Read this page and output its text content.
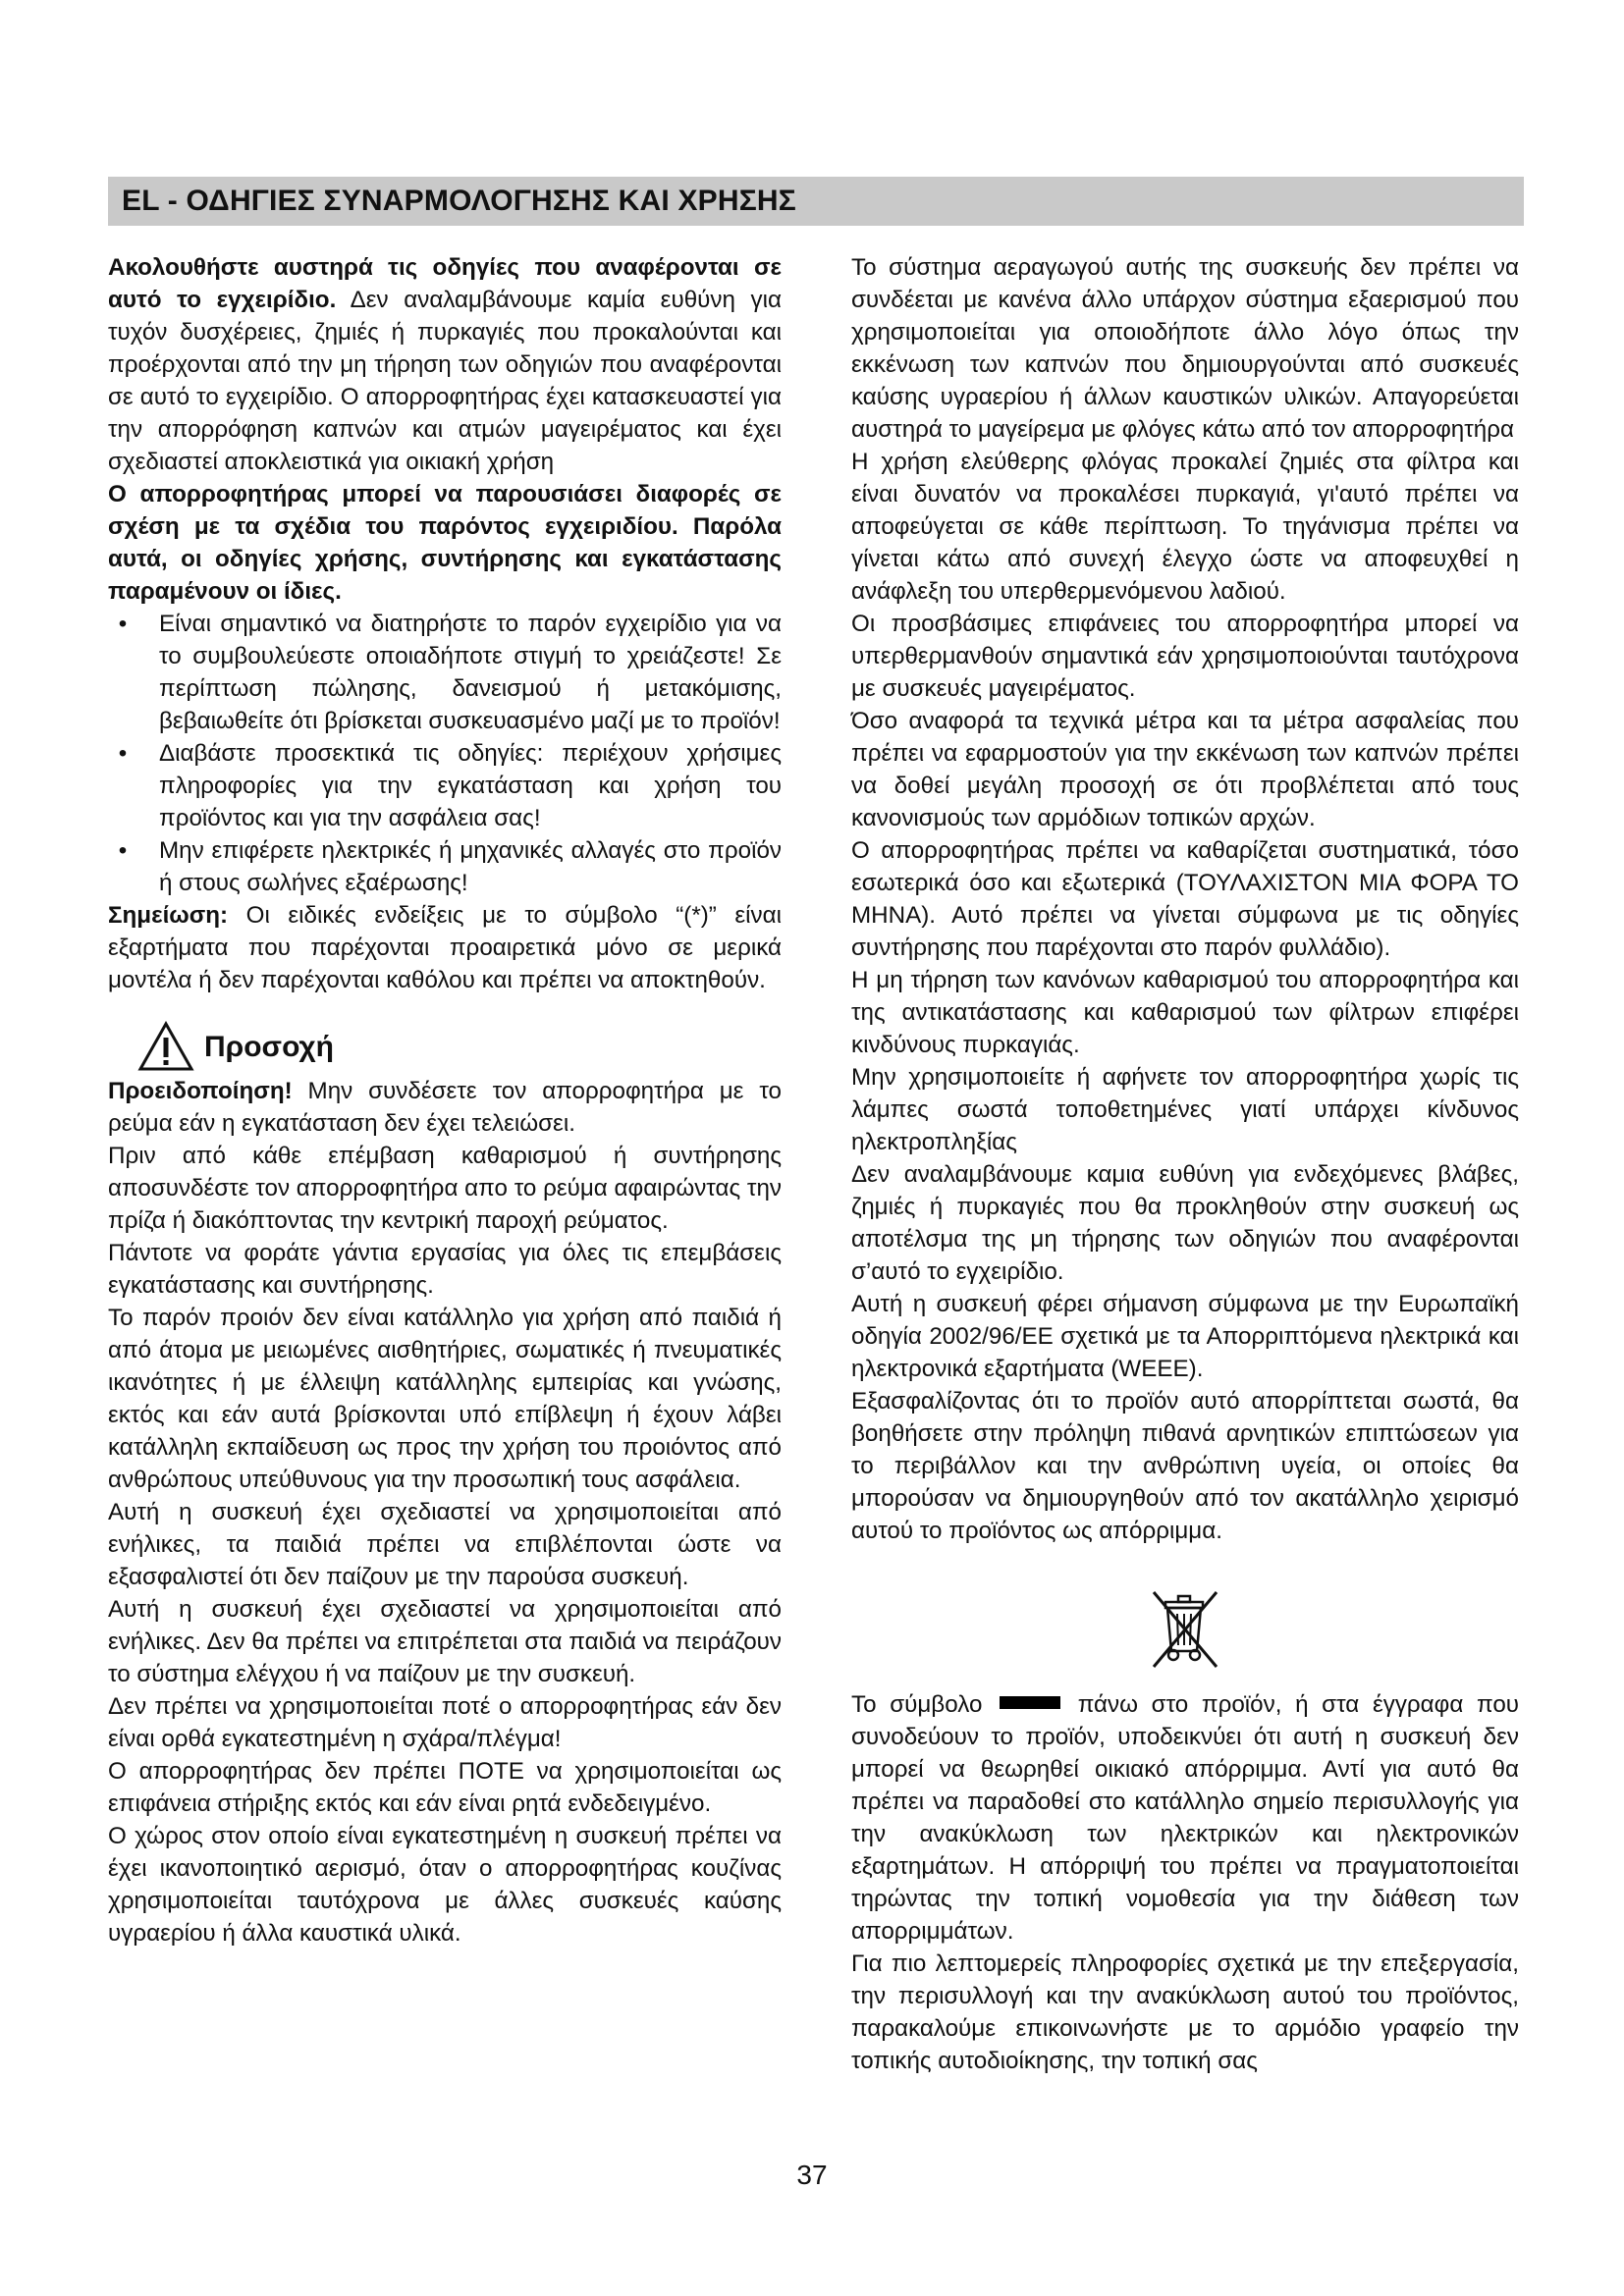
EL - ΟΔΗΓΙΕΣ ΣΥΝΑΡΜΟΛΟΓΗΣΗΣ ΚΑΙ ΧΡΗΣΗΣ

Ακολουθήστε αυστηρά τις οδηγίες που αναφέρονται σε αυτό το εγχειρίδιο. Δεν αναλαμβάνουμε καμία ευθύνη για τυχόν δυσχέρειες, ζημιές ή πυρκαγιές που προκαλούνται και προέρχονται από την μη τήρηση των οδηγιών που αναφέρονται σε αυτό το εγχειρίδιο. Ο απορροφητήρας έχει κατασκευαστεί για την απορρόφηση καπνών και ατμών μαγειρέματος και έχει σχεδιαστεί αποκλειστικά για οικιακή χρήση

Ο απορροφητήρας μπορεί να παρουσιάσει διαφορές σε σχέση με τα σχέδια του παρόντος εγχειριδίου. Παρόλα αυτά, οι οδηγίες χρήσης, συντήρησης και εγκατάστασης παραμένουν οι ίδιες.

•	Είναι σημαντικό να διατηρήστε το παρόν εγχειρίδιο για να το συμβουλεύεστε οποιαδήποτε στιγμή το χρειάζεστε! Σε περίπτωση πώλησης, δανεισμού ή μετακόμισης, βεβαιωθείτε ότι βρίσκεται συσκευασμένο μαζί με το προϊόν!
•	Διαβάστε προσεκτικά τις οδηγίες: περιέχουν χρήσιμες πληροφορίες για την εγκατάσταση και χρήση του προϊόντος και για την ασφάλεια σας!
•	Μην επιφέρετε ηλεκτρικές ή μηχανικές αλλαγές στο προϊόν ή στους σωλήνες εξαέρωσης!

Σημείωση: Οι ειδικές ενδείξεις με το σύμβολο “(*)” είναι εξαρτήματα που παρέχονται προαιρετικά μόνο σε μερικά μοντέλα ή δεν παρέχονται καθόλου και πρέπει να αποκτηθούν.

Προσοχή

Προειδοποίηση! Μην συνδέσετε τον απορροφητήρα με το ρεύμα εάν η εγκατάσταση δεν έχει τελειώσει.

Πριν από κάθε επέμβαση καθαρισμού ή συντήρησης αποσυνδέστε τον απορροφητήρα απο το ρεύμα αφαιρώντας την πρίζα ή διακόπτοντας την κεντρική παροχή ρεύματος.

Πάντοτε να φοράτε γάντια εργασίας για όλες τις επεμβάσεις εγκατάστασης και συντήρησης.

Το παρόν προιόν δεν είναι κατάλληλο για χρήση από παιδιά ή από άτομα με μειωμένες αισθητήριες, σωματικές ή πνευματικές ικανότητες ή με έλλειψη κατάλληλης εμπειρίας και γνώσης, εκτός και εάν αυτά βρίσκονται υπό επίβλεψη ή έχουν λάβει κατάλληλη εκπαίδευση ως προς την χρήση του προιόντος από ανθρώπους υπεύθυνους για την προσωπική τους ασφάλεια.

Αυτή η συσκευή έχει σχεδιαστεί να χρησιμοποιείται από ενήλικες, τα παιδιά πρέπει να επιβλέπονται ώστε να εξασφαλιστεί ότι δεν παίζουν με την παρούσα συσκευή.

Αυτή η συσκευή έχει σχεδιαστεί να χρησιμοποιείται από ενήλικες. Δεν θα πρέπει να επιτρέπεται στα παιδιά να πειράζουν το σύστημα ελέγχου ή να παίζουν με την συσκευή.

Δεν πρέπει να χρησιμοποιείται ποτέ ο απορροφητήρας εάν δεν είναι ορθά εγκατεστημένη η σχάρα/πλέγμα!

Ο απορροφητήρας δεν πρέπει ΠΟΤΕ να χρησιμοποιείται ως επιφάνεια στήριξης εκτός και εάν είναι ρητά ενδεδειγμένο.

Ο χώρος στον οποίο είναι εγκατεστημένη η συσκευή πρέπει να έχει ικανοποιητικό αερισμό, όταν ο απορροφητήρας κουζίνας χρησιμοποιείται ταυτόχρονα με άλλες συσκευές καύσης υγραερίου ή άλλα καυστικά υλικά.

Το σύστημα αεραγωγού αυτής της συσκευής δεν πρέπει να συνδέεται με κανένα άλλο υπάρχον σύστημα εξαερισμού που χρησιμοποιείται για οποιοδήποτε άλλο λόγο όπως την εκκένωση των καπνών που δημιουργούνται από συσκευές καύσης υγραερίου ή άλλων καυστικών υλικών. Απαγορεύεται αυστηρά το μαγείρεμα με φλόγες κάτω από τον απορροφητήρα

Η χρήση ελεύθερης φλόγας προκαλεί ζημιές στα φίλτρα και είναι δυνατόν να προκαλέσει πυρκαγιά, γι'αυτό πρέπει να αποφεύγεται σε κάθε περίπτωση. Το τηγάνισμα πρέπει να γίνεται κάτω από συνεχή έλεγχο ώστε να αποφευχθεί η ανάφλεξη του υπερθερμενόμενου λαδιού.

Οι προσβάσιμες επιφάνειες του απορροφητήρα μπορεί να υπερθερμανθούν σημαντικά εάν χρησιμοποιούνται ταυτόχρονα με συσκευές μαγειρέματος.

Όσο αναφορά τα τεχνικά μέτρα και τα μέτρα ασφαλείας που πρέπει να εφαρμοστούν για την εκκένωση των καπνών πρέπει να δοθεί μεγάλη προσοχή σε ότι προβλέπεται από τους κανονισμούς των αρμόδιων τοπικών αρχών.

Ο απορροφητήρας πρέπει να καθαρίζεται συστηματικά, τόσο εσωτερικά όσο και εξωτερικά (ΤΟΥΛΑΧΙΣΤΟΝ ΜΙΑ ΦΟΡΑ ΤΟ ΜΗΝΑ). Αυτό πρέπει να γίνεται σύμφωνα με τις οδηγίες συντήρησης που παρέχονται στο παρόν φυλλάδιο).

Η μη τήρηση των κανόνων καθαρισμού του απορροφητήρα και της αντικατάστασης και καθαρισμού των φίλτρων επιφέρει κινδύνους πυρκαγιάς.

Μην χρησιμοποιείτε ή αφήνετε τον απορροφητήρα χωρίς τις λάμπες σωστά τοποθετημένες γιατί υπάρχει κίνδυνος ηλεκτροπληξίας

Δεν αναλαμβάνουμε καμια ευθύνη για ενδεχόμενες βλάβες, ζημιές ή πυρκαγιές που θα προκληθούν στην συσκευή ως αποτέλσμα της μη τήρησης των οδηγιών που αναφέρονται σ’αυτό το εγχειρίδιο.

Αυτή η συσκευή φέρει σήμανση σύμφωνα με την Ευρωπαϊκή οδηγία 2002/96/ΕΕ σχετικά με τα Απορριπτόμενα ηλεκτρικά και ηλεκτρονικά εξαρτήματα (WEEE).

Εξασφαλίζοντας ότι το προϊόν αυτό απορρίπτεται σωστά, θα βοηθήσετε στην πρόληψη πιθανά αρνητικών επιπτώσεων για το περιβάλλον και την ανθρώπινη υγεία, οι οποίες θα μπορούσαν να δημιουργηθούν από τον ακατάλληλο χειρισμό αυτού το προϊόντος ως απόρριμμα.

Το σύμβολο	πάνω στο προϊόν, ή στα έγγραφα που συνοδεύουν το προϊόν, υποδεικνύει ότι αυτή η συσκευή δεν μπορεί να θεωρηθεί οικιακό απόρριμμα. Αντί για αυτό θα πρέπει να παραδοθεί στο κατάλληλο σημείο περισυλλογής για την ανακύκλωση των ηλεκτρικών και ηλεκτρονικών εξαρτημάτων. Η απόρριψή του πρέπει να πραγματοποιείται τηρώντας την τοπική νομοθεσία για την διάθεση των απορριμμάτων.

Για πιο λεπτομερείς πληροφορίες σχετικά με την επεξεργασία, την περισυλλογή και την ανακύκλωση αυτού του προϊόντος, παρακαλούμε επικοινωνήστε με το αρμόδιο γραφείο την τοπικής αυτοδιοίκησης, την τοπική σας

37
